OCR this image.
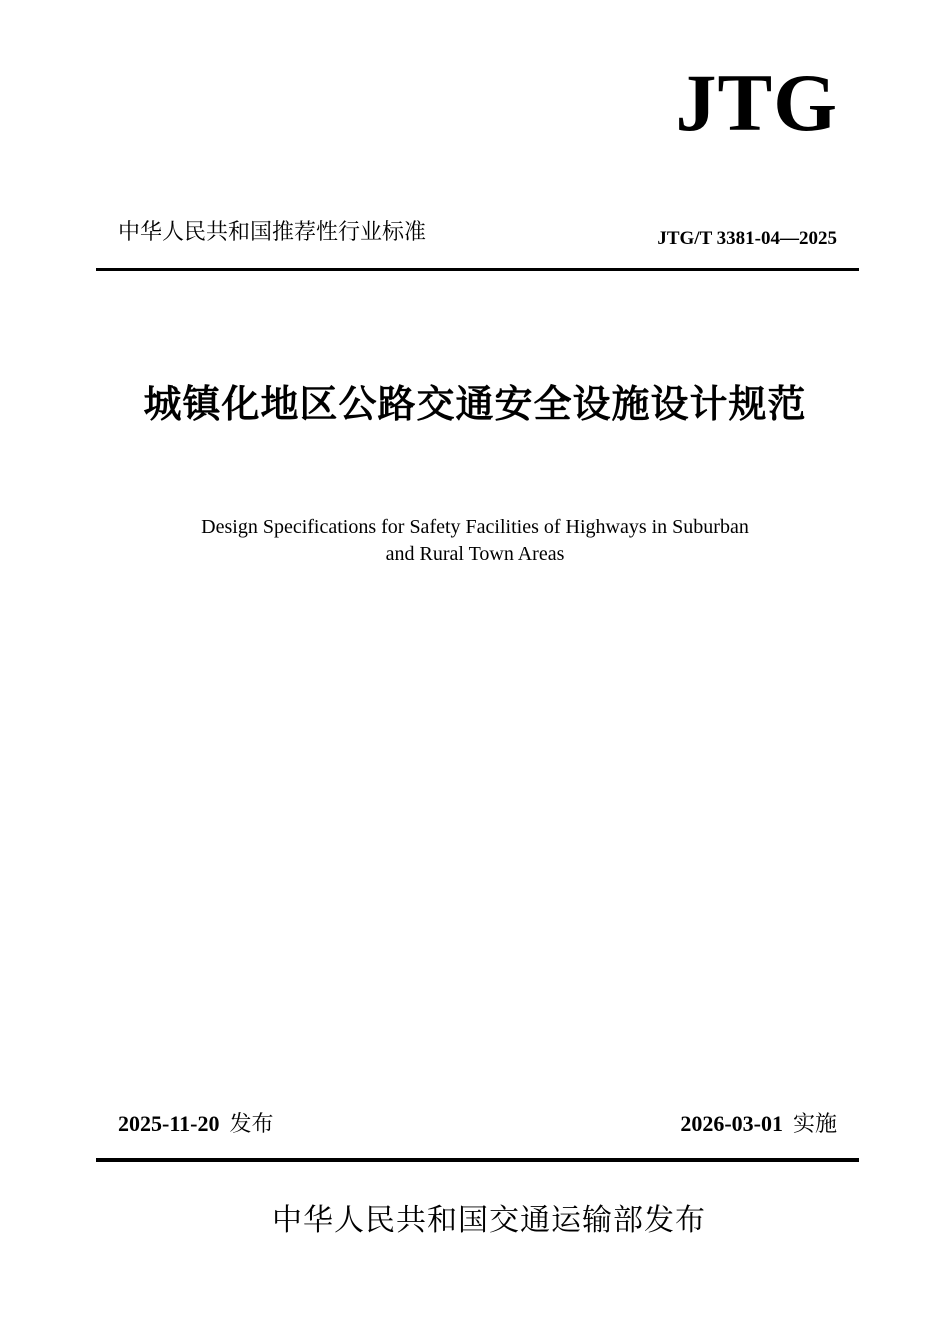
JTG
中华人民共和国推荐性行业标准	JTG/T 3381-04—2025
城镇化地区公路交通安全设施设计规范
Design Specifications for Safety Facilities of Highways in Suburban
and Rural Town Areas
2025-11-20 发布	2026-03-01 实施
中华人民共和国交通运输部发布
